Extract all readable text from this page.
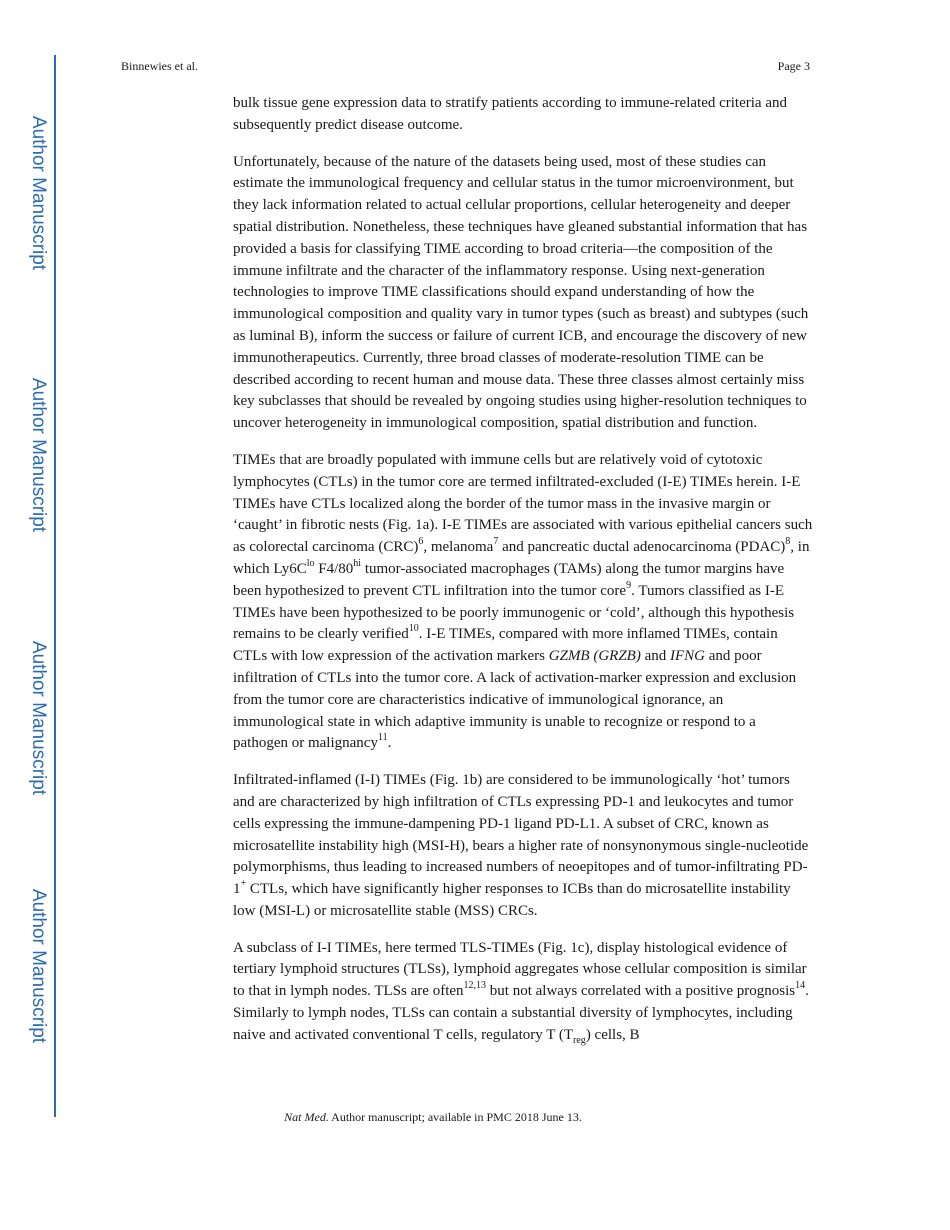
Author Manuscript
Author Manuscript
Author Manuscript
Author Manuscript
Binnewies et al.	Page 3

bulk tissue gene expression data to stratify patients according to immune-related criteria and subsequently predict disease outcome.

Unfortunately, because of the nature of the datasets being used, most of these studies can estimate the immunological frequency and cellular status in the tumor microenvironment, but they lack information related to actual cellular proportions, cellular heterogeneity and deeper spatial distribution. Nonetheless, these techniques have gleaned substantial information that has provided a basis for classifying TIME according to broad criteria—the composition of the immune infiltrate and the character of the inflammatory response. Using next-generation technologies to improve TIME classifications should expand understanding of how the immunological composition and quality vary in tumor types (such as breast) and subtypes (such as luminal B), inform the success or failure of current ICB, and encourage the discovery of new immunotherapeutics. Currently, three broad classes of moderate-resolution TIME can be described according to recent human and mouse data. These three classes almost certainly miss key subclasses that should be revealed by ongoing studies using higher-resolution techniques to uncover heterogeneity in immunological composition, spatial distribution and function.

TIMEs that are broadly populated with immune cells but are relatively void of cytotoxic lymphocytes (CTLs) in the tumor core are termed infiltrated-excluded (I-E) TIMEs herein. I-E TIMEs have CTLs localized along the border of the tumor mass in the invasive margin or ‘caught’ in fibrotic nests (Fig. 1a). I-E TIMEs are associated with various epithelial cancers such as colorectal carcinoma (CRC)$^6$, melanoma$^7$ and pancreatic ductal adenocarcinoma (PDAC)$^8$, in which $Ly6C^{lo}$ $F4/80^{hi}$ tumor-associated macrophages (TAMs) along the tumor margins have been hypothesized to prevent CTL infiltration into the tumor core$^9$. Tumors classified as I-E TIMEs have been hypothesized to be poorly immunogenic or ‘cold’, although this hypothesis remains to be clearly verified$^{10}$. I-E TIMEs, compared with more inflamed TIMEs, contain CTLs with low expression of the activation markers GZMB (GRZB) and IFNG and poor infiltration of CTLs into the tumor core. A lack of activation-marker expression and exclusion from the tumor core are characteristics indicative of immunological ignorance, an immunological state in which adaptive immunity is unable to recognize or respond to a pathogen or malignancy$^{11}$.

Infiltrated-inflamed (I-I) TIMEs (Fig. 1b) are considered to be immunologically ‘hot’ tumors and are characterized by high infiltration of CTLs expressing PD-1 and leukocytes and tumor cells expressing the immune-dampening PD-1 ligand PD-L1. A subset of CRC, known as microsatellite instability high (MSI-H), bears a higher rate of nonsynonymous single-nucleotide polymorphisms, thus leading to increased numbers of neoepitopes and of tumor-infiltrating PD-1+ CTLs, which have significantly higher responses to ICBs than do microsatellite instability low (MSI-L) or microsatellite stable (MSS) CRCs.

A subclass of I-I TIMEs, here termed TLS-TIMEs (Fig. 1c), display histological evidence of tertiary lymphoid structures (TLSs), lymphoid aggregates whose cellular composition is similar to that in lymph nodes. TLSs are often$^{12,13}$ but not always correlated with a positive prognosis$^{14}$. Similarly to lymph nodes, TLSs can contain a substantial diversity of lymphocytes, including naive and activated conventional T cells, regulatory T $(T_{reg})$ cells, B

Nat Med. Author manuscript; available in PMC 2018 June 13.
